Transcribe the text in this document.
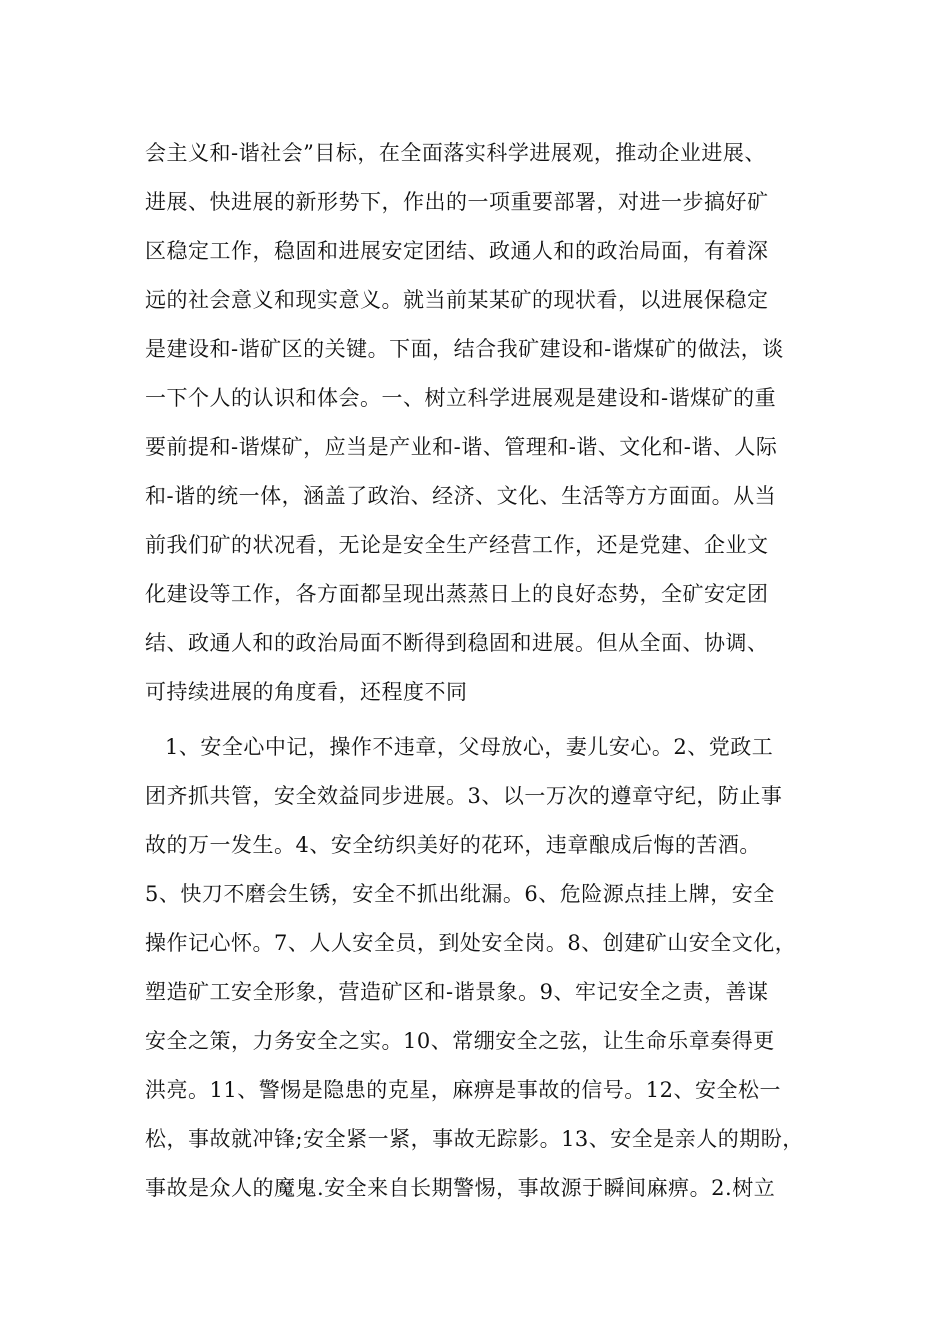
会主义和-谐社会”目标，在全面落实科学进展观，推动企业进展、
进展、快进展的新形势下，作出的一项重要部署，对进一步搞好矿
区稳定工作，稳固和进展安定团结、政通人和的政治局面，有着深
远的社会意义和现实意义。就当前某某矿的现状看，以进展保稳定
是建设和-谐矿区的关键。下面，结合我矿建设和-谐煤矿的做法，谈
一下个人的认识和体会。一、树立科学进展观是建设和-谐煤矿的重
要前提和-谐煤矿，应当是产业和-谐、管理和-谐、文化和-谐、人际
和-谐的统一体，涵盖了政治、经济、文化、生活等方方面面。从当
前我们矿的状况看，无论是安全生产经营工作，还是党建、企业文
化建设等工作，各方面都呈现出蒸蒸日上的良好态势，全矿安定团
结、政通人和的政治局面不断得到稳固和进展。但从全面、协调、
可持续进展的角度看，还程度不同
1、安全心中记，操作不违章，父母放心，妻儿安心。2、党政工
团齐抓共管，安全效益同步进展。3、以一万次的遵章守纪，防止事
故的万一发生。4、安全纺织美好的花环，违章酿成后悔的苦酒。
5、快刀不磨会生锈，安全不抓出纰漏。6、危险源点挂上牌，安全
操作记心怀。7、人人安全员，到处安全岗。8、创建矿山安全文化，
塑造矿工安全形象，营造矿区和-谐景象。9、牢记安全之责，善谋
安全之策，力务安全之实。10、常绷安全之弦，让生命乐章奏得更
洪亮。11、警惕是隐患的克星，麻痹是事故的信号。12、安全松一
松，事故就冲锋;安全紧一紧，事故无踪影。13、安全是亲人的期盼，
事故是众人的魔鬼.安全来自长期警惕，事故源于瞬间麻痹。2.树立
